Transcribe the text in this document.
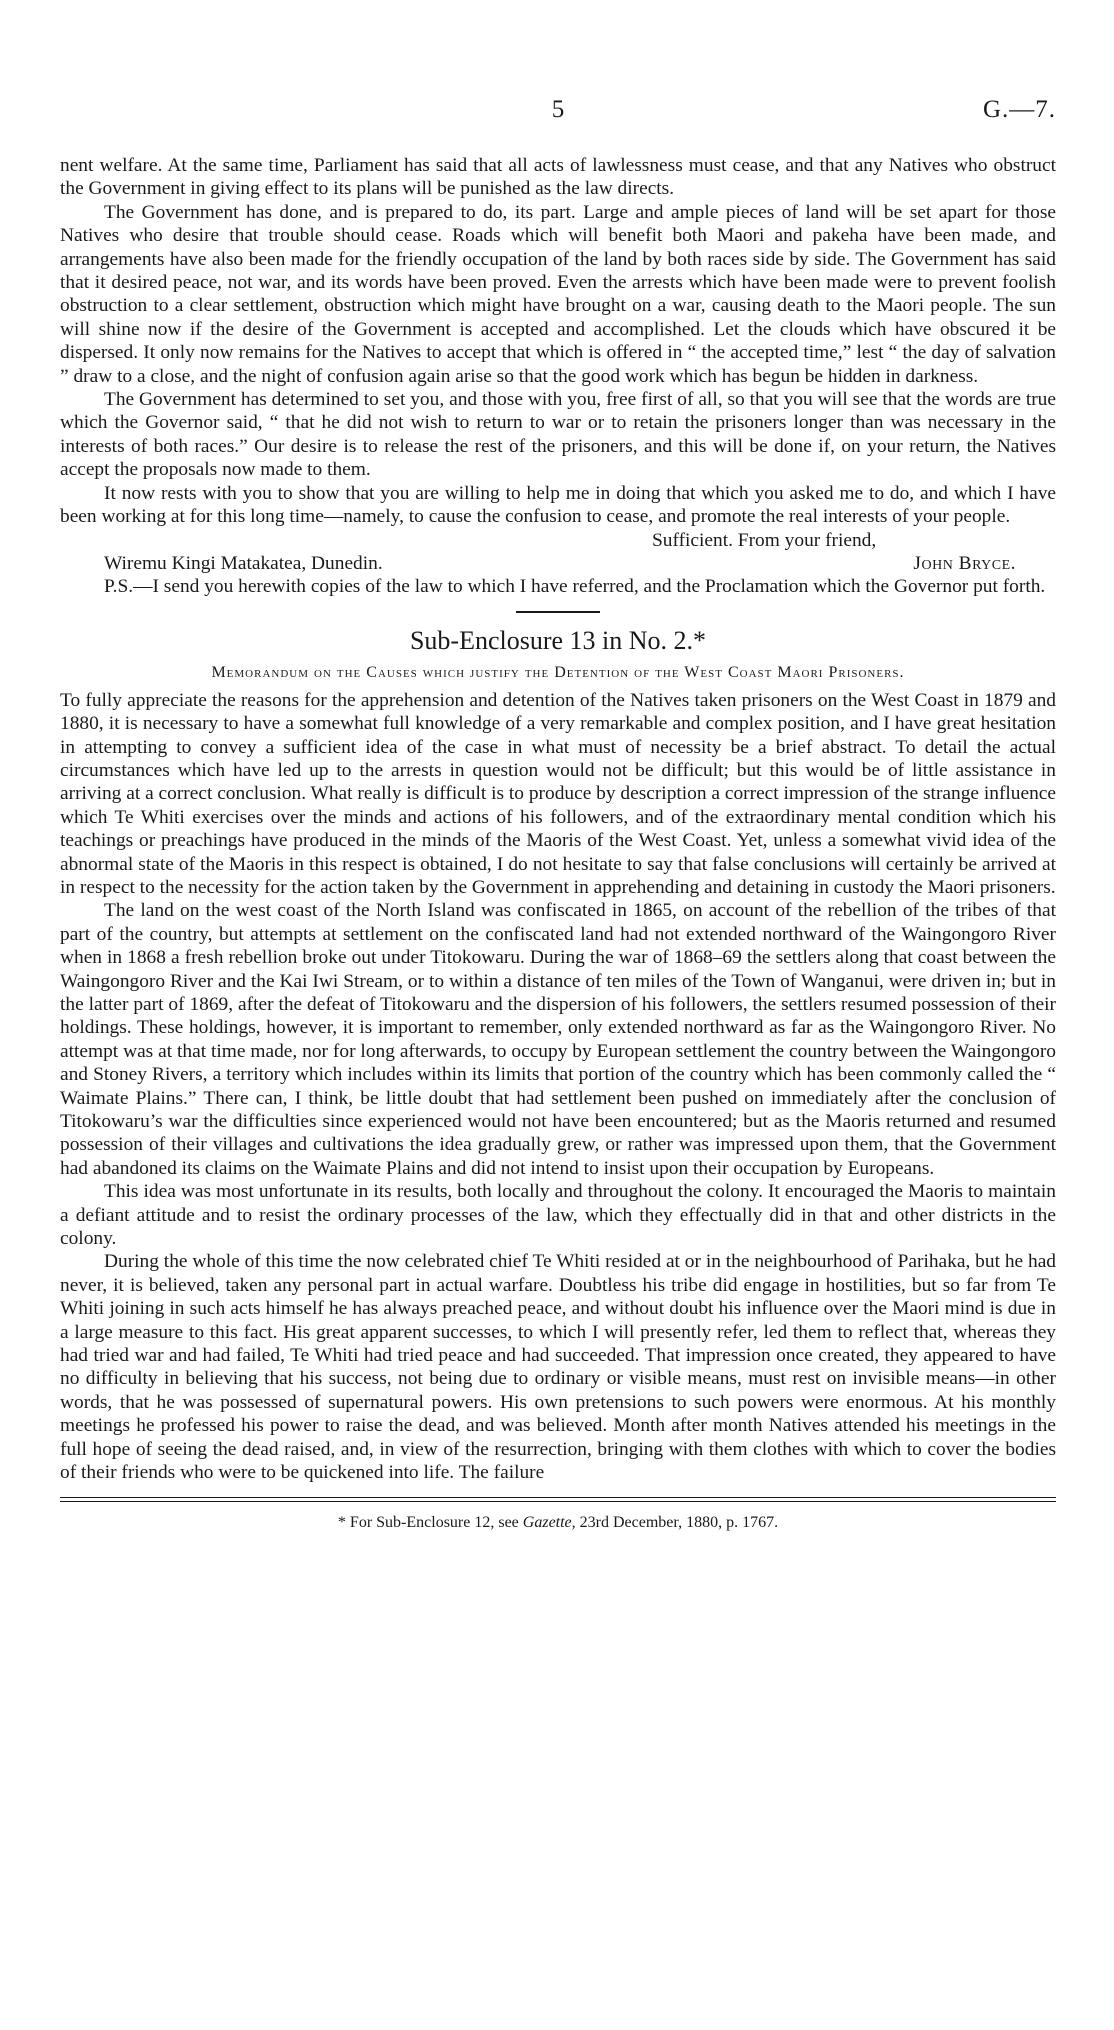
5	G.—7.

nent welfare. At the same time, Parliament has said that all acts of lawlessness must cease, and that any Natives who obstruct the Government in giving effect to its plans will be punished as the law directs.

The Government has done, and is prepared to do, its part. Large and ample pieces of land will be set apart for those Natives who desire that trouble should cease. Roads which will benefit both Maori and pakeha have been made, and arrangements have also been made for the friendly occupation of the land by both races side by side. The Government has said that it desired peace, not war, and its words have been proved. Even the arrests which have been made were to prevent foolish obstruction to a clear settlement, obstruction which might have brought on a war, causing death to the Maori people. The sun will shine now if the desire of the Government is accepted and accomplished. Let the clouds which have obscured it be dispersed. It only now remains for the Natives to accept that which is offered in “ the accepted time,” lest “ the day of salvation ” draw to a close, and the night of confusion again arise so that the good work which has begun be hidden in darkness.

The Government has determined to set you, and those with you, free first of all, so that you will see that the words are true which the Governor said, “ that he did not wish to return to war or to retain the prisoners longer than was necessary in the interests of both races.” Our desire is to release the rest of the prisoners, and this will be done if, on your return, the Natives accept the proposals now made to them.

It now rests with you to show that you are willing to help me in doing that which you asked me to do, and which I have been working at for this long time—namely, to cause the confusion to cease, and promote the real interests of your people.

Sufficient. From your friend,
Wiremu Kingi Matakatea, Dunedin.	John Bryce.

P.S.—I send you herewith copies of the law to which I have referred, and the Proclamation which the Governor put forth.

Sub-Enclosure 13 in No. 2.*
Memorandum on the Causes which justify the Detention of the West Coast Maori Prisoners.

To fully appreciate the reasons for the apprehension and detention of the Natives taken prisoners on the West Coast in 1879 and 1880, it is necessary to have a somewhat full knowledge of a very remarkable and complex position, and I have great hesitation in attempting to convey a sufficient idea of the case in what must of necessity be a brief abstract. To detail the actual circumstances which have led up to the arrests in question would not be difficult; but this would be of little assistance in arriving at a correct conclusion. What really is difficult is to produce by description a correct impression of the strange influence which Te Whiti exercises over the minds and actions of his followers, and of the extraordinary mental condition which his teachings or preachings have produced in the minds of the Maoris of the West Coast. Yet, unless a somewhat vivid idea of the abnormal state of the Maoris in this respect is obtained, I do not hesitate to say that false conclusions will certainly be arrived at in respect to the necessity for the action taken by the Government in apprehending and detaining in custody the Maori prisoners.

The land on the west coast of the North Island was confiscated in 1865, on account of the rebellion of the tribes of that part of the country, but attempts at settlement on the confiscated land had not extended northward of the Waingongoro River when in 1868 a fresh rebellion broke out under Titokowaru. During the war of 1868–69 the settlers along that coast between the Waingongoro River and the Kai Iwi Stream, or to within a distance of ten miles of the Town of Wanganui, were driven in; but in the latter part of 1869, after the defeat of Titokowaru and the dispersion of his followers, the settlers resumed possession of their holdings. These holdings, however, it is important to remember, only extended northward as far as the Waingongoro River. No attempt was at that time made, nor for long afterwards, to occupy by European settlement the country between the Waingongoro and Stoney Rivers, a territory which includes within its limits that portion of the country which has been commonly called the “ Waimate Plains.” There can, I think, be little doubt that had settlement been pushed on immediately after the conclusion of Titokowaru’s war the difficulties since experienced would not have been encountered; but as the Maoris returned and resumed possession of their villages and cultivations the idea gradually grew, or rather was impressed upon them, that the Government had abandoned its claims on the Waimate Plains and did not intend to insist upon their occupation by Europeans.

This idea was most unfortunate in its results, both locally and throughout the colony. It encouraged the Maoris to maintain a defiant attitude and to resist the ordinary processes of the law, which they effectually did in that and other districts in the colony.

During the whole of this time the now celebrated chief Te Whiti resided at or in the neighbourhood of Parihaka, but he had never, it is believed, taken any personal part in actual warfare. Doubtless his tribe did engage in hostilities, but so far from Te Whiti joining in such acts himself he has always preached peace, and without doubt his influence over the Maori mind is due in a large measure to this fact. His great apparent successes, to which I will presently refer, led them to reflect that, whereas they had tried war and had failed, Te Whiti had tried peace and had succeeded. That impression once created, they appeared to have no difficulty in believing that his success, not being due to ordinary or visible means, must rest on invisible means—in other words, that he was possessed of supernatural powers. His own pretensions to such powers were enormous. At his monthly meetings he professed his power to raise the dead, and was believed. Month after month Natives attended his meetings in the full hope of seeing the dead raised, and, in view of the resurrection, bringing with them clothes with which to cover the bodies of their friends who were to be quickened into life. The failure

* For Sub-Enclosure 12, see Gazette, 23rd December, 1880, p. 1767.
